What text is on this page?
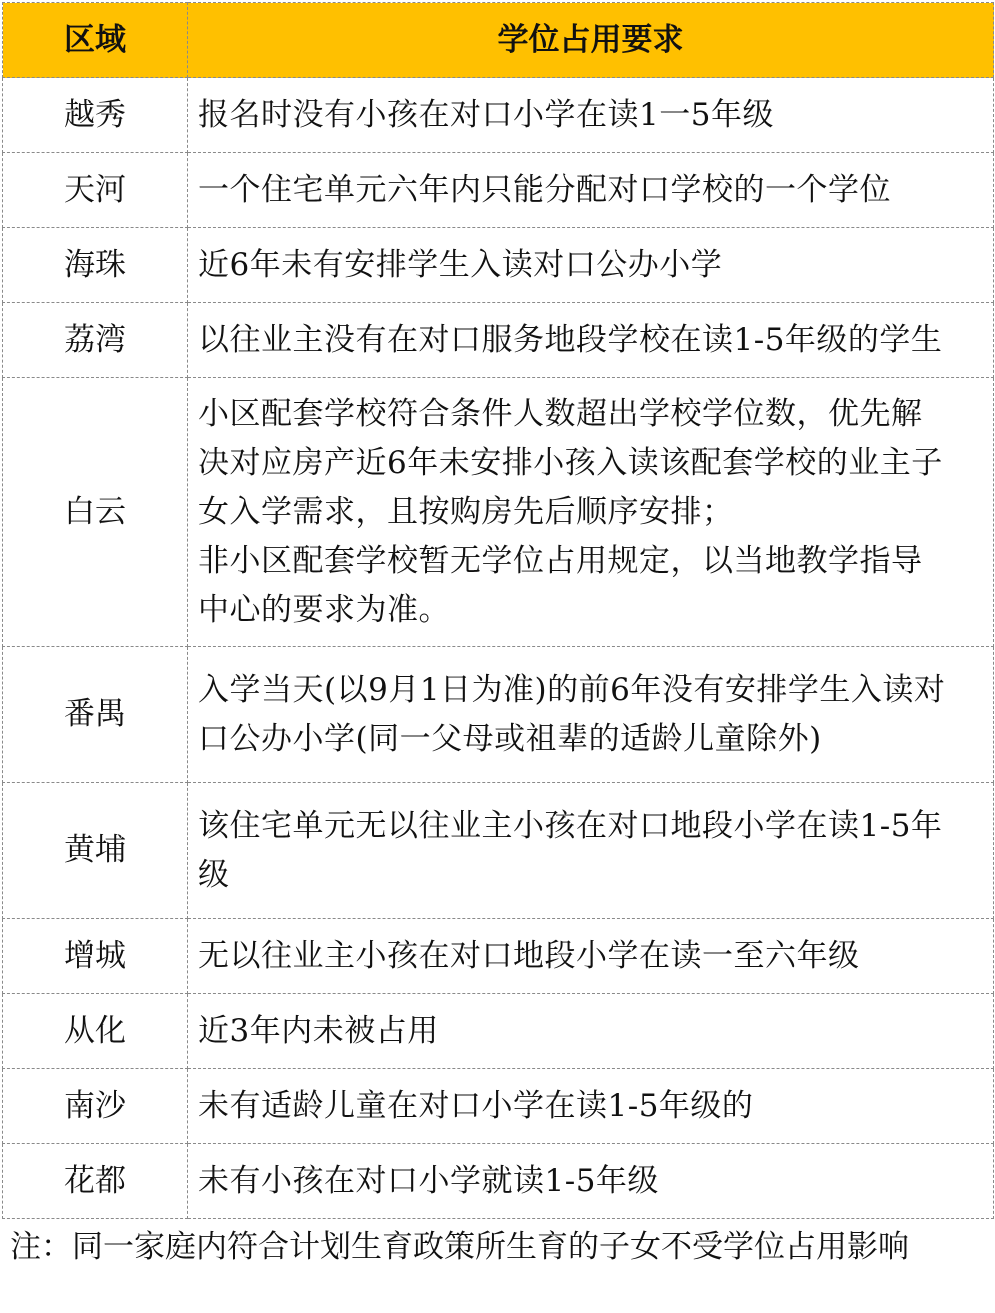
区域	学位占用要求
越秀	报名时没有小孩在对口小学在读1一5年级

天河	一个住宅单元六年内只能分配对口学校的一个学位

海珠	近6年未有安排学生入读对口公办小学

荔湾	以往业主没有在对口服务地段学校在读1-5年级的学生

白云	小区配套学校符合条件人数超出学校学位数，优先解
决对应房产近6年未安排小孩入读该配套学校的业主子
女入学需求，且按购房先后顺序安排；
非小区配套学校暂无学位占用规定，以当地教学指导
中心的要求为准。

番禺	入学当天(以9月1日为准)的前6年没有安排学生入读对
口公办小学(同一父母或祖辈的适龄儿童除外)

黄埔	该住宅单元无以往业主小孩在对口地段小学在读1-5年
级

增城	无以往业主小孩在对口地段小学在读一至六年级

从化	近3年内未被占用

南沙	未有适龄儿童在对口小学在读1-5年级的

花都	未有小孩在对口小学就读1-5年级
注：同一家庭内符合计划生育政策所生育的子女不受学位占用影响
